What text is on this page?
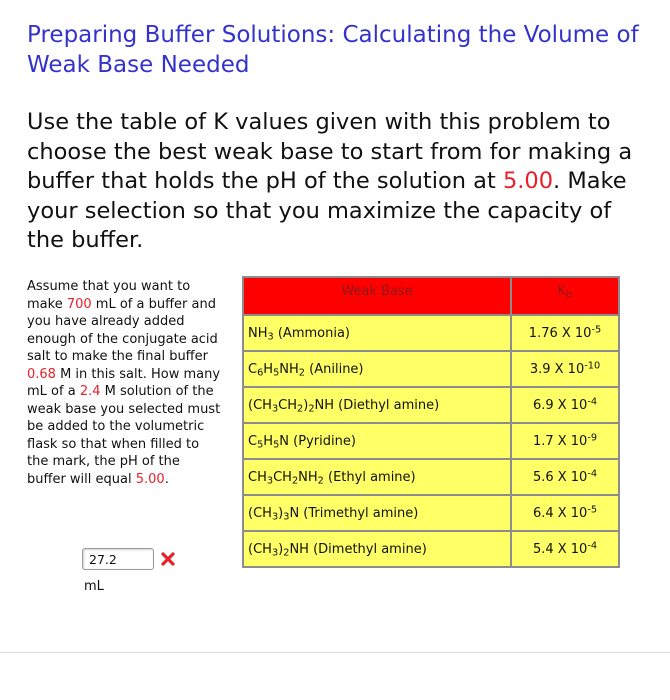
Preparing Buffer Solutions: Calculating the Volume of Weak Base Needed

Use the table of K values given with this problem to choose the best weak base to start from for making a buffer that holds the pH of the solution at 5.00. Make your selection so that you maximize the capacity of the buffer.

Assume that you want to make 700 mL of a buffer and you have already added enough of the conjugate acid salt to make the final buffer 0.68 M in this salt. How many mL of a 2.4 M solution of the weak base you selected must be added to the volumetric flask so that when filled to the mark, the pH of the buffer will equal 5.00.

27.2
mL
Weak Base	$K_b$
$NH_3$ (Ammonia)	1.76 X $10^{-5}$
$C_6H_5NH_2$ (Aniline)	3.9 X $10^{-10}$
$(CH_3CH_2)_2NH$ (Diethyl amine)	6.9 X $10^{-4}$
$C_5H_5N$ (Pyridine)	1.7 X $10^{-9}$
$CH_3CH_2NH_2$ (Ethyl amine)	5.6 X $10^{-4}$
$(CH_3)_3N$ (Trimethyl amine)	6.4 X $10^{-5}$
$(CH_3)_2NH$ (Dimethyl amine)	5.4 X $10^{-4}$
